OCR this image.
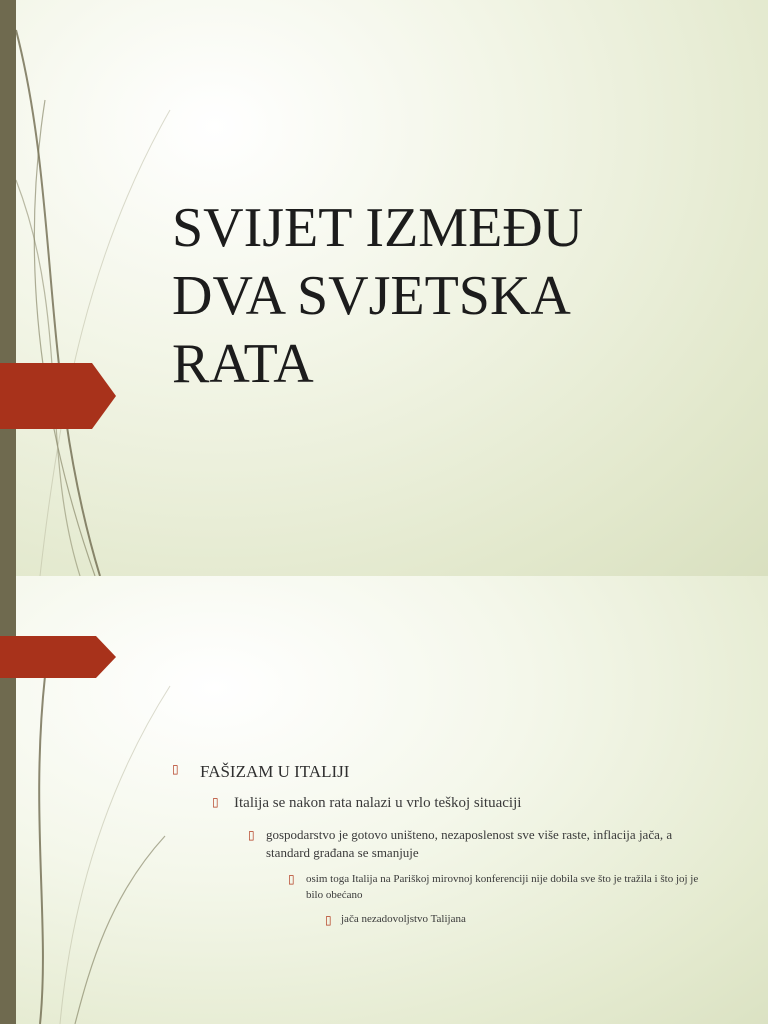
SVIJET IZMEĐU
DVA SVJETSKA
RATA
▯	FAŠIZAM U ITALIJI
▯	Italija se nakon rata nalazi u vrlo teškoj situaciji
▯ gospodarstvo je gotovo uništeno, nezaposlenost sve više raste, inflacija jača, a standard građana se smanjuje
▯	osim toga Italija na Pariškoj mirovnoj konferenciji nije dobila sve što je tražila i što joj je bilo obećano
▯ jača nezadovoljstvo Talijana
